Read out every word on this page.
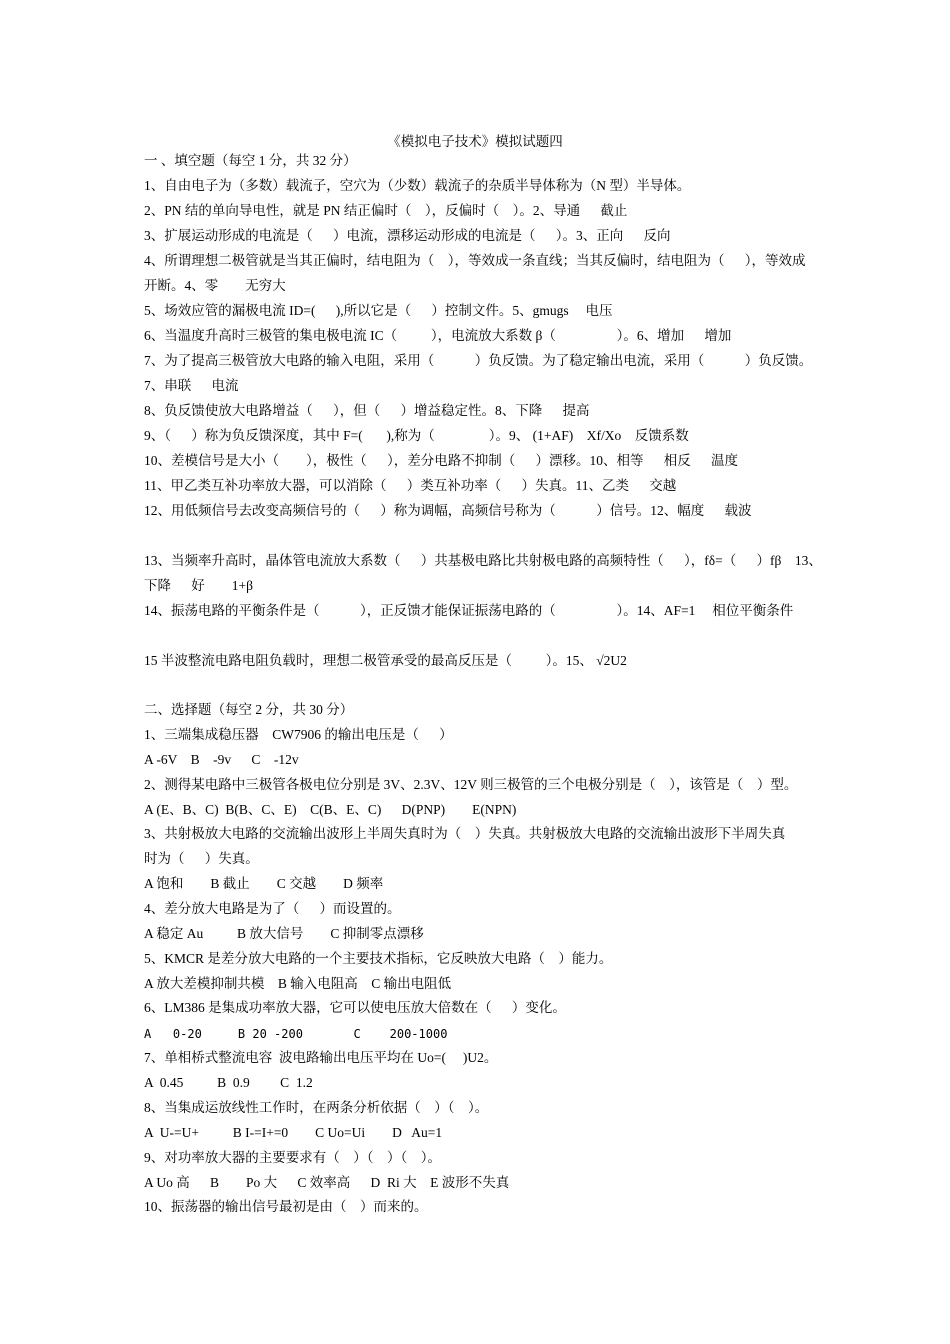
《模拟电子技术》模拟试题四
一 、填空题（每空 1 分，共 32 分）
1、自由电子为（多数）载流子，空穴为（少数）载流子的杂质半导体称为（N 型）半导体。
2、PN 结的单向导电性，就是 PN 结正偏时（    ），反偏时（    ）。2、导通      截止
3、扩展运动形成的电流是（      ）电流，漂移运动形成的电流是（      ）。3、正向      反向
4、所谓理想二极管就是当其正偏时，结电阻为（    ），等效成一条直线；当其反偏时，结电阻为（      ），等效成
开断。4、零        无穷大
5、场效应管的漏极电流 ID=(      ),所以它是（      ）控制文件。5、gmugs     电压
6、当温度升高时三极管的集电极电流 IC（          ），电流放大系数 β（                  ）。6、增加      增加
7、为了提高三极管放大电路的输入电阻，采用（            ）负反馈。为了稳定输出电流，采用（            ）负反馈。
7、串联      电流
8、负反馈使放大电路增益（      ），但（      ）增益稳定性。8、下降      提高
9、（      ）称为负反馈深度，其中 F=(       ),称为（                ）。9、 (1+AF)    Xf/Xo    反馈系数
10、差模信号是大小（        ），极性（      ），差分电路不抑制（      ）漂移。10、相等      相反      温度
11、甲乙类互补功率放大器，可以消除（      ）类互补功率（      ）失真。11、乙类      交越
12、用低频信号去改变高频信号的（      ）称为调幅，高频信号称为（            ）信号。12、幅度      载波
13、当频率升高时，晶体管电流放大系数（      ）共基极电路比共射极电路的高频特性（      ），fδ=（      ）fβ    13、
下降      好        1+β
14、振荡电路的平衡条件是（            ），正反馈才能保证振荡电路的（                  ）。14、AF=1     相位平衡条件
15 半波整流电路电阻负载时，理想二极管承受的最高反压是（          ）。15、 √2U2
二、选择题（每空 2 分，共 30 分）
1、三端集成稳压器    CW7906 的输出电压是（      ）
A -6V    B    -9v      C    -12v
2、测得某电路中三极管各极电位分别是 3V、2.3V、12V 则三极管的三个电极分别是（    ），该管是（    ）型。
A (E、B、C)  B(B、C、E)    C(B、E、C)      D(PNP)        E(NPN)
3、共射极放大电路的交流输出波形上半周失真时为（    ）失真。共射极放大电路的交流输出波形下半周失真
时为（      ）失真。
A 饱和        B 截止        C 交越        D 频率
4、差分放大电路是为了（      ）而设置的。
A 稳定 Au          B 放大信号        C 抑制零点漂移
5、KMCR 是差分放大电路的一个主要技术指标，它反映放大电路（    ）能力。
A 放大差模抑制共模    B 输入电阻高    C 输出电阻低
6、LM386 是集成功率放大器，它可以使电压放大倍数在（      ）变化。
A   0-20     B 20 -200       C    200-1000
7、单相桥式整流电容  波电路输出电压平均在 Uo=(     )U2。
A  0.45          B  0.9         C  1.2
8、当集成运放线性工作时，在两条分析依据（    ）（    ）。
A  U-=U+          B I-=I+=0        C Uo=Ui        D   Au=1
9、对功率放大器的主要要求有（    ）（    ）（    ）。
A Uo 高      B        Po 大      C 效率高      D  Ri 大    E 波形不失真
10、振荡器的输出信号最初是由（    ）而来的。
